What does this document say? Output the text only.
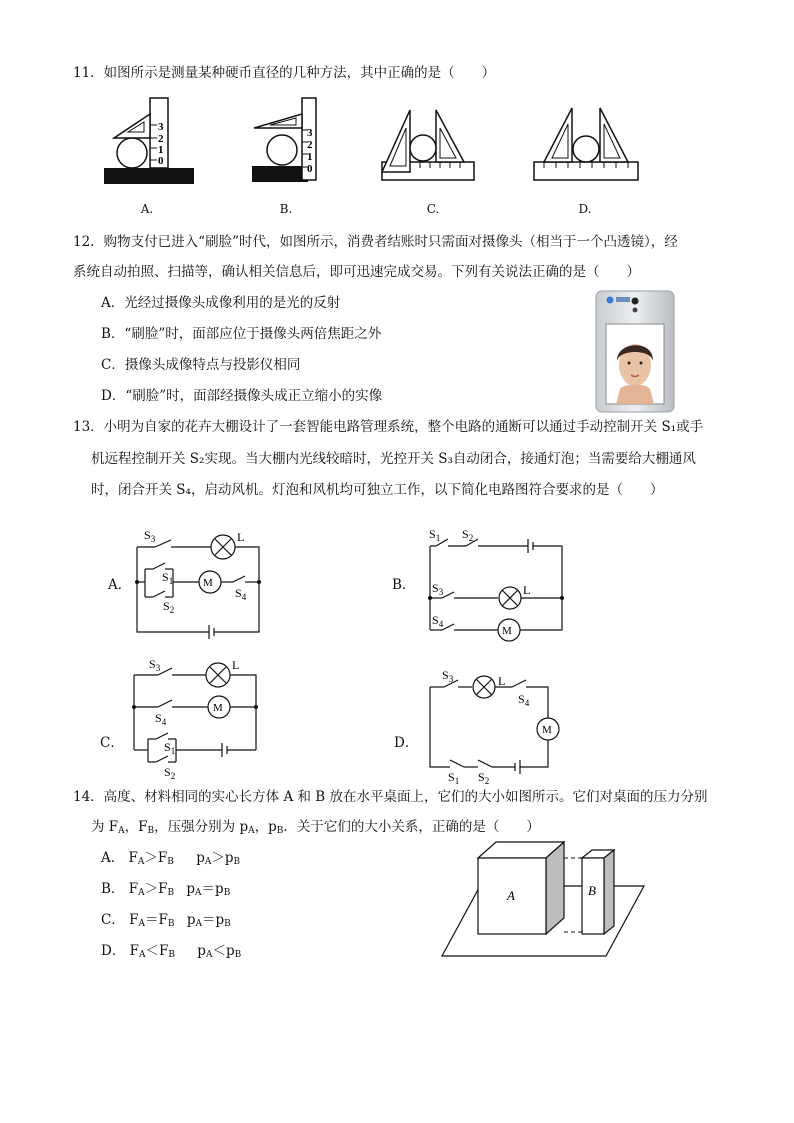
11．如图所示是测量某种硬币直径的几种方法，其中正确的是（　　）
3
2
1
0
3
2
1
0
A.	B.	C.	D.
12．购物支付已进入“刷脸”时代，如图所示，消费者结账时只需面对摄像头（相当于一个凸透镜），经
系统自动拍照、扫描等，确认相关信息后，即可迅速完成交易。下列有关说法正确的是（　　）
A．光经过摄像头成像利用的是光的反射
B．“刷脸”时，面部应位于摄像头两倍焦距之外
C．摄像头成像特点与投影仪相同
D．“刷脸”时，面部经摄像头成正立缩小的实像
13．小明为自家的花卉大棚设计了一套智能电路管理系统，整个电路的通断可以通过手动控制开关 S₁或手
机远程控制开关 S₂实现。当大棚内光线较暗时，光控开关 S₃自动闭合，接通灯泡；当需要给大棚通风
时，闭合开关 S₄，启动风机。灯泡和风机均可独立工作，以下简化电路图符合要求的是（　　）
A．	B．
C．	D．
$S_3$	L
$S_1$
$S_2$
M
$S_4$
$S_1$ $S_2$
$S_3$	L
$S_4$
M
$S_3$	L
$S_4$
M
$S_1$
$S_2$
$S_3$	L
$S_4$
M
$S_1$ $S_2$
14．高度、材料相同的实心长方体 A 和 B 放在水平桌面上，它们的大小如图所示。它们对桌面的压力分别
为 $F_A$，$F_B$，压强分别为 $p_A$，$p_B$．关于它们的大小关系，正确的是（　　）
A． $F_A>F_B$ $p_A>p_B$
B． $F_A>F_B$ $p_A=p_B$
C． $F_A=F_B$ $p_A=p_B$
D． $F_A<F_B$ $p_A<p_B$
A	B
